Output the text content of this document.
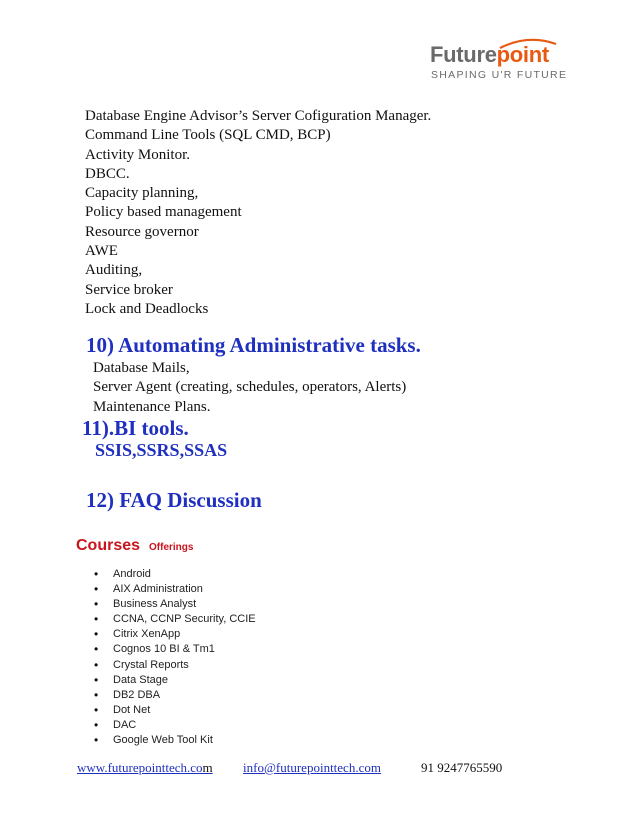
Futurepoint
SHAPING U'R FUTURE
Database Engine Advisor’s Server Cofiguration Manager.
Command Line Tools (SQL CMD, BCP)
Activity Monitor.
DBCC.
Capacity planning,
Policy based management
Resource governor
AWE
Auditing,
Service broker
Lock and Deadlocks
10) Automating Administrative tasks.
Database Mails,
Server Agent (creating, schedules, operators, Alerts)
Maintenance Plans.
11).BI tools.
SSIS,SSRS,SSAS
12) FAQ Discussion
Courses Offerings
• Android
• AIX Administration
• Business Analyst
• CCNA, CCNP Security, CCIE
• Citrix XenApp
• Cognos 10 BI & Tm1
• Crystal Reports
• Data Stage
• DB2 DBA
• Dot Net
• DAC
• Google Web Tool Kit
www.futurepointtech.com info@futurepointtech.com	91 9247765590
